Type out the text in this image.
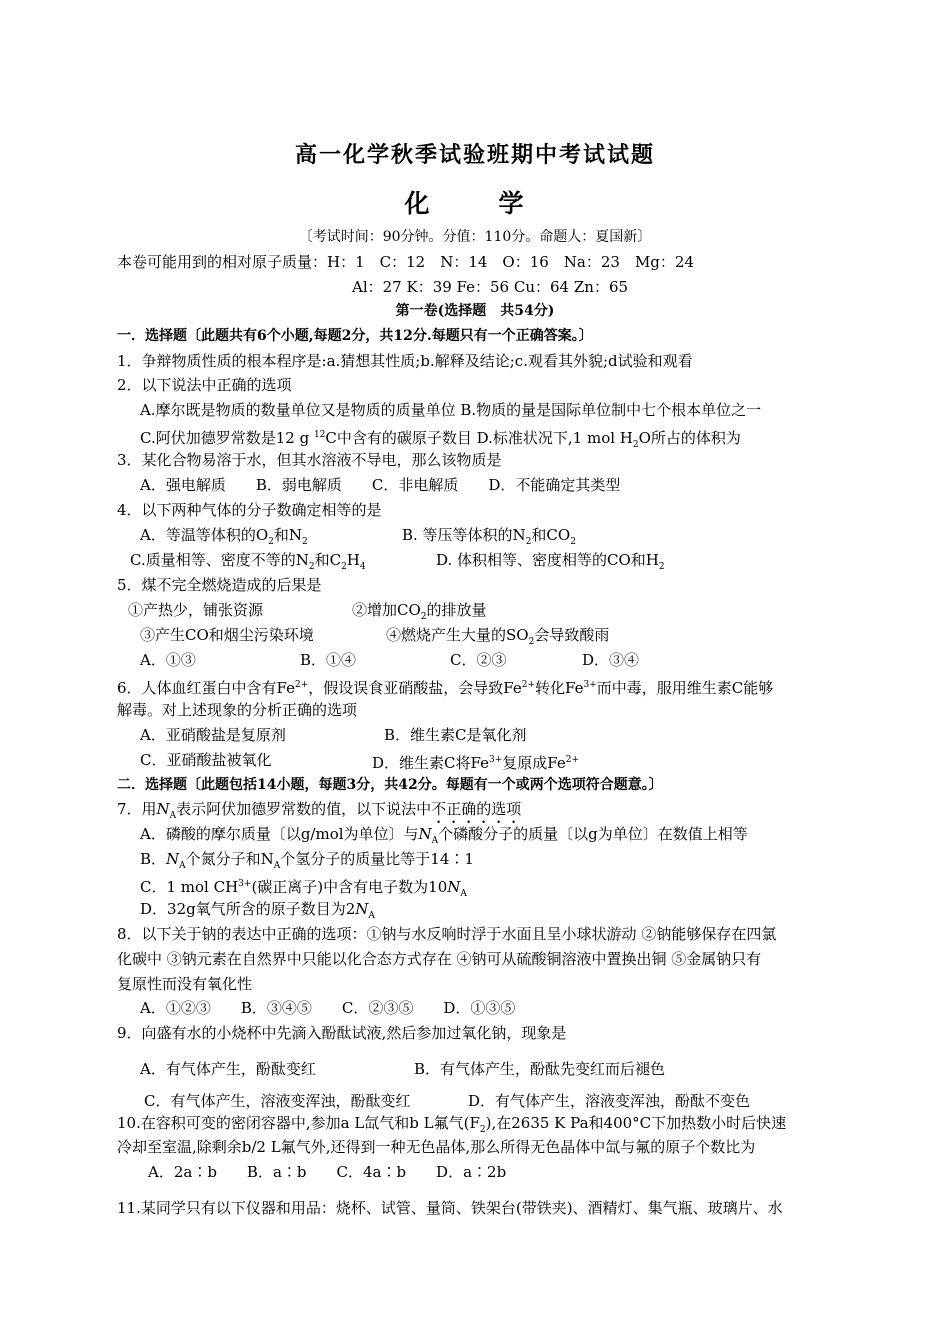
高一化学秋季试验班期中考试试题
化　学
〔考试时间：90分钟。分值：110分。命题人：夏国新〕
本卷可能用到的相对原子质量：H：1　C：12　N：14　O：16　Na：23　Mg：24
Al：27 K：39 Fe：56 Cu：64 Zn：65
第一卷(选择题　共54分)
一．选择题〔此题共有6个小题,每题2分，共12分.每题只有一个正确答案。〕
1．争辩物质性质的根本程序是:a.猜想其性质;b.解释及结论;c.观看其外貌;d试验和观看
2．以下说法中正确的选项
A.摩尔既是物质的数量单位又是物质的质量单位 B.物质的量是国际单位制中七个根本单位之一
C.阿伏加德罗常数是12 g $^{12}$C中含有的碳原子数目 D.标准状况下,1 mol $H_2O$所占的体积为
3．某化合物易溶于水，但其水溶液不导电，那么该物质是
A．强电解质　　B．弱电解质　　C．非电解质　　D．不能确定其类型
4．以下两种气体的分子数确定相等的是
A．等温等体积的$O_2$和$N_2$	B. 等压等体积的$N_2$和$CO_2$
C.质量相等、密度不等的$N_2$和$C_2H_4$	D. 体积相等、密度相等的CO和$H_2$
5．煤不完全燃烧造成的后果是
①产热少，铺张资源	②增加$CO_2$的排放量
③产生CO和烟尘污染环境	④燃烧产生大量的$SO_2$会导致酸雨
A．①③	B．①④	C．②③	D．③④
6．人体血红蛋白中含有$Fe^{2+}$，假设误食亚硝酸盐，会导致$Fe^{2+}$转化$Fe^{3+}$而中毒，服用维生素C能够
解毒。对上述现象的分析正确的选项
A．亚硝酸盐是复原剂	B．维生素C是氧化剂
C．亚硝酸盐被氧化	D．维生素C将$Fe^{3+}$复原成$Fe^{2+}$
二．选择题〔此题包括14小题，每题3分，共42分。每题有一个或两个选项符合题意。〕
7．用$N_A$表示阿伏加德罗常数的值，以下说法中不正确的选项
A．磷酸的摩尔质量〔以g/mol为单位〕与$N_A$个磷酸分子的质量〔以g为单位〕在数值上相等
B．$N_A$个氮分子和$N_A$个氢分子的质量比等于14∶1
C．1 mol $CH^{3+}$(碳正离子)中含有电子数为$10N_A$
D．32g氧气所含的原子数目为$2N_A$
8．以下关于钠的表达中正确的选项：①钠与水反响时浮于水面且呈小球状游动 ②钠能够保存在四氯
化碳中 ③钠元素在自然界中只能以化合态方式存在 ④钠可从硫酸铜溶液中置换出铜 ⑤金属钠只有
复原性而没有氧化性
A．①②③　　B．③④⑤　　C．②③⑤　　D．①③⑤
9．向盛有水的小烧杯中先滴入酚酞试液,然后参加过氧化钠，现象是
A．有气体产生，酚酞变红	B．有气体产生，酚酞先变红而后褪色
C．有气体产生，溶液变浑浊，酚酞变红	D．有气体产生，溶液变浑浊，酚酞不变色
10.在容积可变的密闭容器中,参加a L氙气和b L氟气$(F_2)$,在2635 K Pa和400°C下加热数小时后快速
冷却至室温,除剩余b/2 L氟气外,还得到一种无色晶体,那么所得无色晶体中氙与氟的原子个数比为
A．2a∶b　　B．a∶b　　C．4a∶b　　D．a∶2b
11.某同学只有以下仪器和用品：烧杯、试管、量筒、铁架台(带铁夹)、酒精灯、集气瓶、玻璃片、水
